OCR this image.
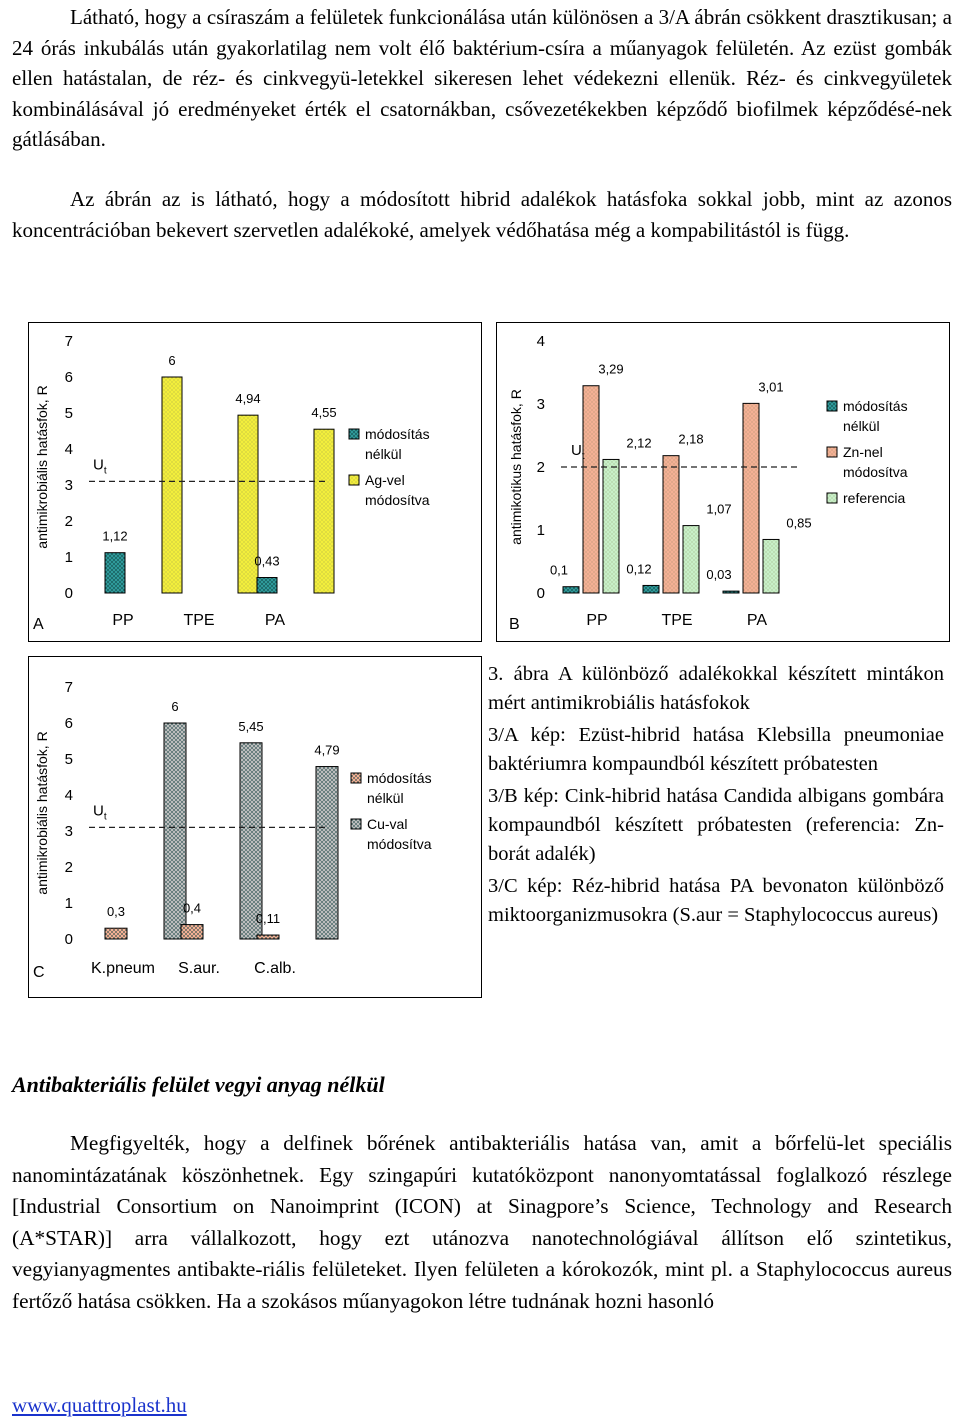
Látható, hogy a csíraszám a felületek funkcionálása után különösen a 3/A ábrán csökkent drasztikusan; a 24 órás inkubálás után gyakorlatilag nem volt élő baktérium-csíra a műanyagok felületén. Az ezüst gombák ellen hatástalan, de réz- és cinkvegyü-letekkel sikeresen lehet védekezni ellenük. Réz- és cinkvegyületek kombinálásával jó eredményeket érték el csatornákban, csővezetékekben képződő biofilmek képződésé-nek gátlásában.

Az ábrán az is látható, hogy a módosított hibrid adalékok hatásfoka sokkal jobb, mint az azonos koncentrációban bekevert szervetlen adalékoké, amelyek védőhatása még a kompabilitástól is függ.

antimikrobiális hatásfok, R
A
0
1
2
3
4
5
6
7
1,12
6
PP
4,94
TPE
0,43
4,55
PA
$U_t$
módosítás
nélkül
Ag-vel
módosítva	antimikotikus hatásfok, R
B
0
1
2
3
4
0,1
3,29
2,12
PP
0,12
2,18
1,07
TPE
0,03
3,01
0,85
PA
$U_t$
módosítás
nélkül
Zn-nel
módosítva
referencia
antimikrobiális hatásfok, R
C
0
1
2
3
4
5
6
7
0,3
6
K.pneum
0,4
5,45
S.aur.
0,11
4,79
C.alb.
$U_t$
módosítás
nélkül
Cu-val
módosítva

3. ábra A különböző adalékokkal készített mintákon mért antimikrobiális hatásfokok

3/A kép: Ezüst-hibrid hatása Klebsilla pneumoniae baktériumra kompaundból készített próbatesten

3/B kép: Cink-hibrid hatása Candida albigans gombára kompaundból készített próbatesten (referencia: Zn-borát adalék)

3/C kép: Réz-hibrid hatása PA bevonaton különböző miktoorganizmusokra (S.aur = Staphylococcus aureus)

Antibakteriális felület vegyi anyag nélkül

Megfigyelték, hogy a delfinek bőrének antibakteriális hatása van, amit a bőrfelü-let speciális nanomintázatának köszönhetnek. Egy szingapúri kutatóközpont nanonyomtatással foglalkozó részlege [Industrial Consortium on Nanoimprint (ICON) at Sinagpore’s Science, Technology and Research (A*STAR)] arra vállalkozott, hogy ezt utánozva nanotechnológiával állítson elő szintetikus, vegyianyagmentes antibakte-riális felületeket. Ilyen felületen a kórokozók, mint pl. a Staphylococcus aureus fertőző hatása csökken. Ha a szokásos műanyagokon létre tudnának hozni hasonló

www.quattroplast.hu
